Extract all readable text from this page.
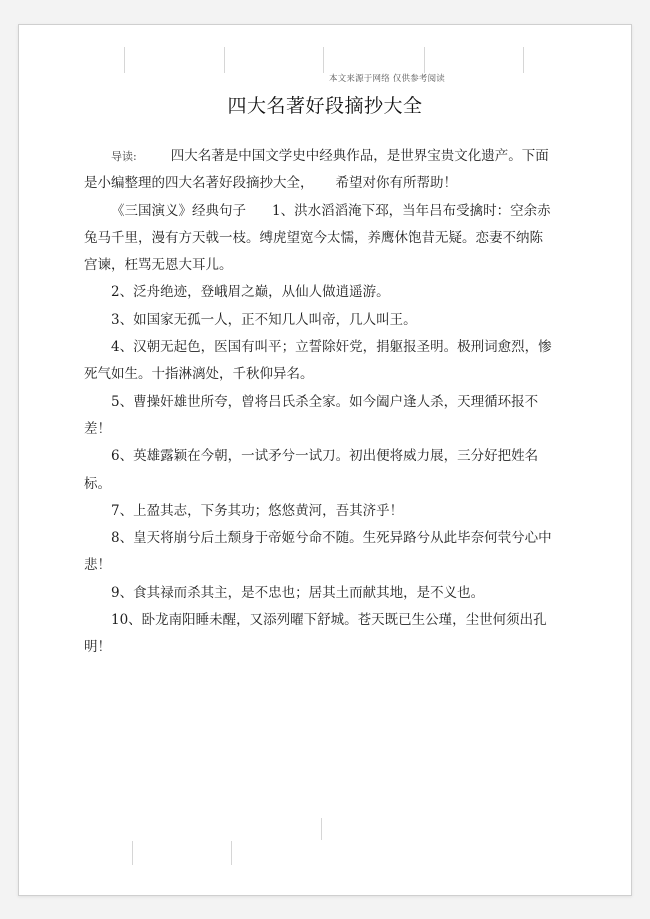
本文来源于网络 仅供参考阅读
四大名著好段摘抄大全

导读:	四大名著是中国文学史中经典作品，是世界宝贵文化遗产。下面是小编整理的四大名著好段摘抄大全， 希望对你有所帮助！

《三国演义》经典句子 1、洪水滔滔淹下邳，当年吕布受擒时：空余赤兔马千里，漫有方天戟一枝。缚虎望宽今太懦，养鹰休饱昔无疑。恋妻不纳陈宫谏，枉骂无恩大耳儿。

2、泛舟绝迹，登峨眉之巅，从仙人做逍遥游。

3、如国家无孤一人，正不知几人叫帝，几人叫王。

4、汉朝无起色，医国有叫平；立誓除奸党，捐躯报圣明。极刑词愈烈，惨死气如生。十指淋漓处，千秋仰异名。

5、曹操奸雄世所夸，曾将吕氏杀全家。如今阖户逢人杀，天理循环报不差！

6、英雄露颖在今朝，一试矛兮一试刀。初出便将威力展，三分好把姓名标。

7、上盈其志，下务其功；悠悠黄河，吾其济乎！

8、皇天将崩兮后土颓身于帝姬兮命不随。生死异路兮从此毕奈何茕兮心中悲！

9、食其禄而杀其主，是不忠也；居其土而献其地，是不义也。

10、卧龙南阳睡未醒，又添列曜下舒城。苍天既已生公瑾，尘世何须出孔明！
